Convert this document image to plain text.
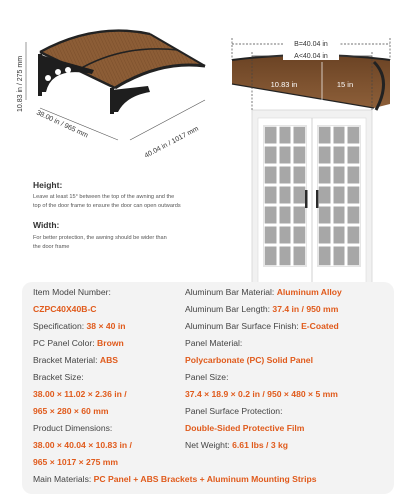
10.83 in / 275 mm
38.00 in / 965 mm
40.04 in / 1017 mm
B=40.04 in
A<40.04 in
10.83 in	15 in
Height:
Leave at least 15° between the top of the awning and the
top of the door frame to ensure the door can open outwards
Width:
For better protection, the awning should be wider than
the door frame
Item Model Number:
CZPC40X40B-C
Specification: 38 × 40 in
PC Panel Color: Brown
Bracket Material: ABS
Bracket Size:
38.00 × 11.02 × 2.36 in /
965 × 280 × 60 mm
Product Dimensions:
38.00 × 40.04 × 10.83 in /
965 × 1017 × 275 mm
Aluminum Bar Material: Aluminum Alloy
Aluminum Bar Length: 37.4 in / 950 mm
Aluminum Bar Surface Finish: E-Coated
Panel Material:
Polycarbonate (PC) Solid Panel
Panel Size:
37.4 × 18.9 × 0.2 in / 950 × 480 × 5 mm
Panel Surface Protection:
Double-Sided Protective Film
Net Weight: 6.61 lbs / 3 kg
Main Materials: PC Panel + ABS Brackets + Aluminum Mounting Strips
